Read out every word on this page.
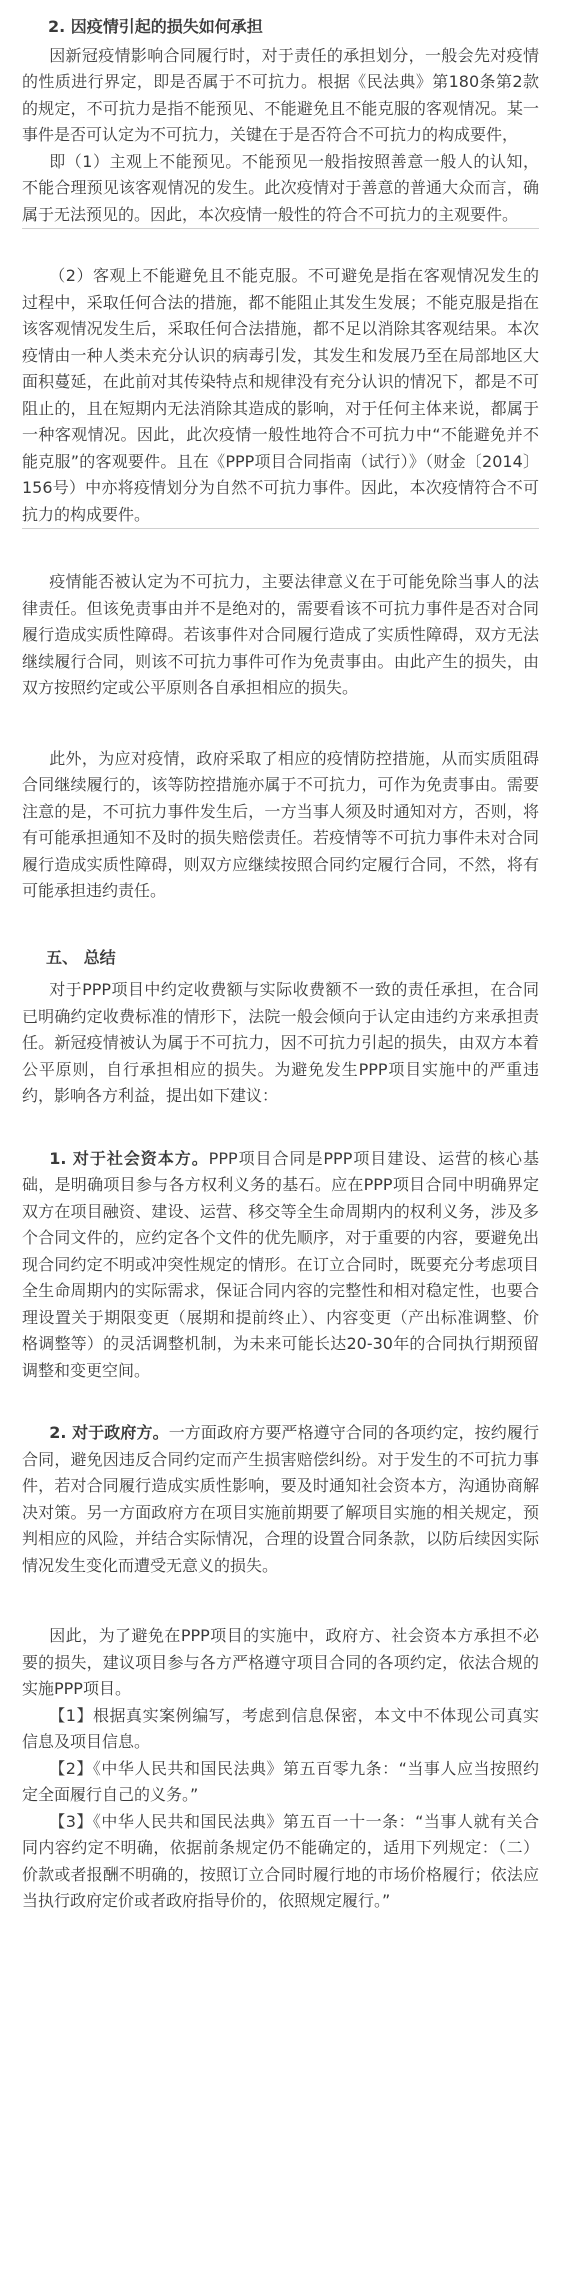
2. 因疫情引起的损失如何承担

因新冠疫情影响合同履行时，对于责任的承担划分，一般会先对疫情的性质进行界定，即是否属于不可抗力。根据《民法典》第180条第2款的规定，不可抗力是指不能预见、不能避免且不能克服的客观情况。某一事件是否可认定为不可抗力，关键在于是否符合不可抗力的构成要件，

即（1）主观上不能预见。不能预见一般指按照善意一般人的认知，不能合理预见该客观情况的发生。此次疫情对于善意的普通大众而言，确属于无法预见的。因此，本次疫情一般性的符合不可抗力的主观要件。

（2）客观上不能避免且不能克服。不可避免是指在客观情况发生的过程中，采取任何合法的措施，都不能阻止其发生发展；不能克服是指在该客观情况发生后，采取任何合法措施，都不足以消除其客观结果。本次疫情由一种人类未充分认识的病毒引发，其发生和发展乃至在局部地区大面积蔓延，在此前对其传染特点和规律没有充分认识的情况下，都是不可阻止的，且在短期内无法消除其造成的影响，对于任何主体来说，都属于一种客观情况。因此，此次疫情一般性地符合不可抗力中“不能避免并不能克服”的客观要件。且在《PPP项目合同指南（试行）》（财金〔2014〕156号）中亦将疫情划分为自然不可抗力事件。因此，本次疫情符合不可抗力的构成要件。

疫情能否被认定为不可抗力，主要法律意义在于可能免除当事人的法律责任。但该免责事由并不是绝对的，需要看该不可抗力事件是否对合同履行造成实质性障碍。若该事件对合同履行造成了实质性障碍，双方无法继续履行合同，则该不可抗力事件可作为免责事由。由此产生的损失，由双方按照约定或公平原则各自承担相应的损失。

此外，为应对疫情，政府采取了相应的疫情防控措施，从而实质阻碍合同继续履行的，该等防控措施亦属于不可抗力，可作为免责事由。需要注意的是，不可抗力事件发生后，一方当事人须及时通知对方，否则，将有可能承担通知不及时的损失赔偿责任。若疫情等不可抗力事件未对合同履行造成实质性障碍，则双方应继续按照合同约定履行合同，不然，将有可能承担违约责任。

五、 总结

对于PPP项目中约定收费额与实际收费额不一致的责任承担，在合同已明确约定收费标准的情形下，法院一般会倾向于认定由违约方来承担责任。新冠疫情被认为属于不可抗力，因不可抗力引起的损失，由双方本着公平原则，自行承担相应的损失。为避免发生PPP项目实施中的严重违约，影响各方利益，提出如下建议：

1. 对于社会资本方。PPP项目合同是PPP项目建设、运营的核心基础，是明确项目参与各方权利义务的基石。应在PPP项目合同中明确界定双方在项目融资、建设、运营、移交等全生命周期内的权利义务，涉及多个合同文件的，应约定各个文件的优先顺序，对于重要的内容，要避免出现合同约定不明或冲突性规定的情形。在订立合同时，既要充分考虑项目全生命周期内的实际需求，保证合同内容的完整性和相对稳定性，也要合理设置关于期限变更（展期和提前终止）、内容变更（产出标准调整、价格调整等）的灵活调整机制，为未来可能长达20-30年的合同执行期预留调整和变更空间。

2. 对于政府方。一方面政府方要严格遵守合同的各项约定，按约履行合同，避免因违反合同约定而产生损害赔偿纠纷。对于发生的不可抗力事件，若对合同履行造成实质性影响，要及时通知社会资本方，沟通协商解决对策。另一方面政府方在项目实施前期要了解项目实施的相关规定，预判相应的风险，并结合实际情况，合理的设置合同条款，以防后续因实际情况发生变化而遭受无意义的损失。

因此，为了避免在PPP项目的实施中，政府方、社会资本方承担不必要的损失，建议项目参与各方严格遵守项目合同的各项约定，依法合规的实施PPP项目。

【1】根据真实案例编写，考虑到信息保密，本文中不体现公司真实信息及项目信息。

【2】《中华人民共和国民法典》第五百零九条：“当事人应当按照约定全面履行自己的义务。”

【3】《中华人民共和国民法典》第五百一十一条：“当事人就有关合同内容约定不明确，依据前条规定仍不能确定的，适用下列规定：（二）价款或者报酬不明确的，按照订立合同时履行地的市场价格履行；依法应当执行政府定价或者政府指导价的，依照规定履行。”
